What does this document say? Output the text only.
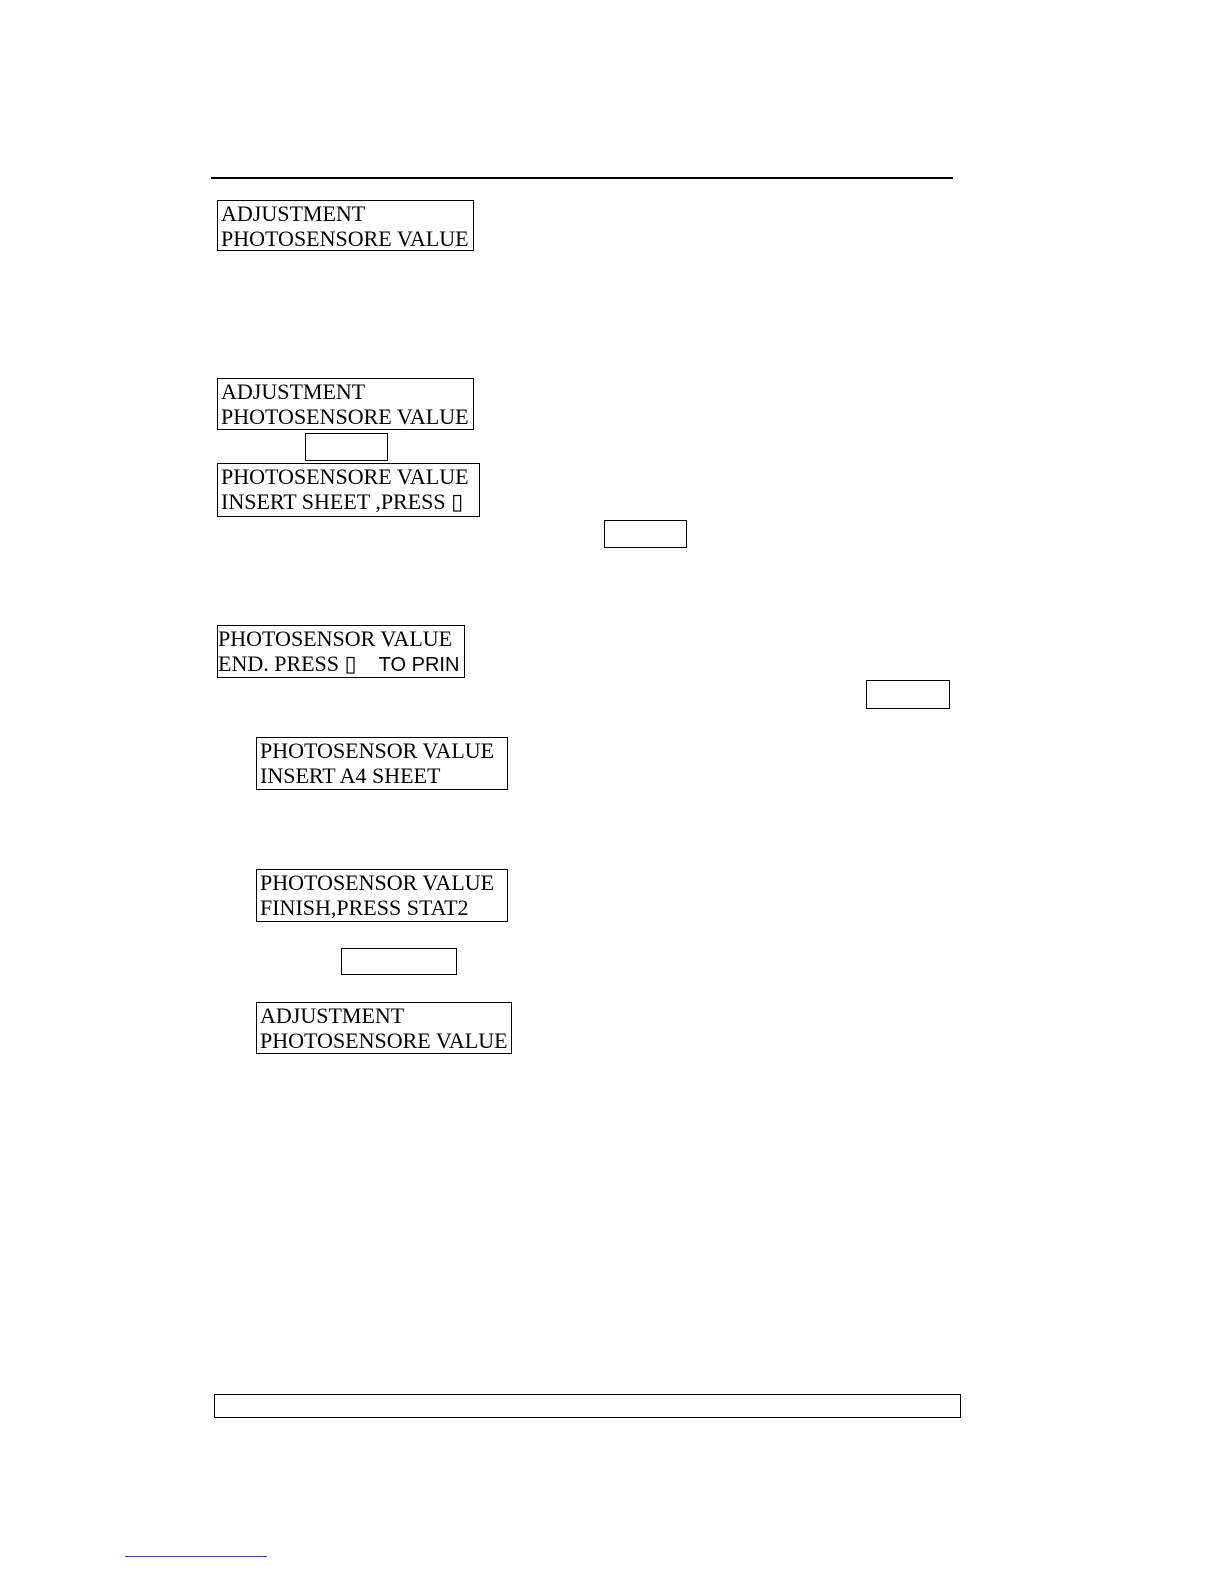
ADJUSTMENT
PHOTOSENSORE VALUE
ADJUSTMENT
PHOTOSENSORE VALUE
PHOTOSENSORE VALUE
INSERT SHEET ,PRESS ▯
PHOTOSENSOR VALUE
END. PRESS ▯ TO PRIN
PHOTOSENSOR VALUE
INSERT A4 SHEET
PHOTOSENSOR VALUE
FINISH,PRESS STAT2
ADJUSTMENT
PHOTOSENSORE VALUE
